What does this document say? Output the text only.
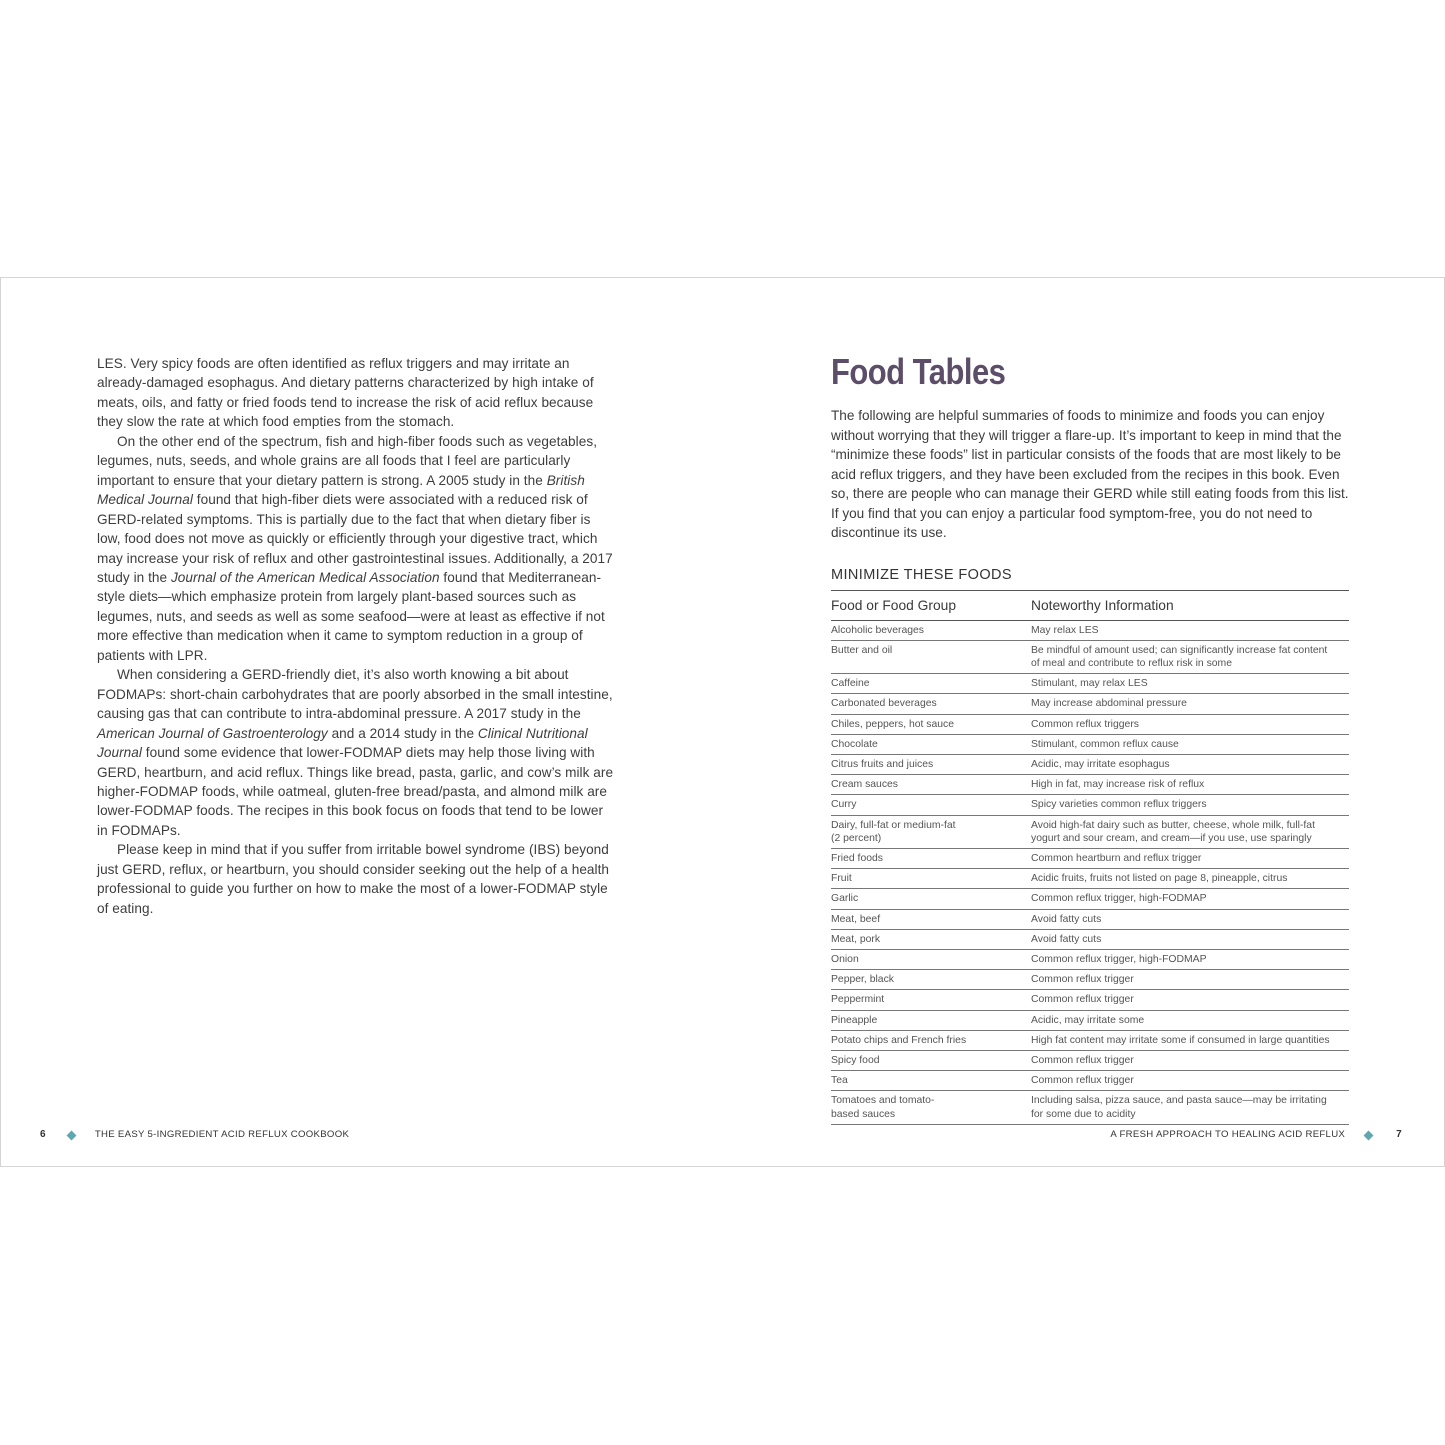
LES. Very spicy foods are often identified as reflux triggers and may irritate an already-damaged esophagus. And dietary patterns characterized by high intake of meats, oils, and fatty or fried foods tend to increase the risk of acid reflux because they slow the rate at which food empties from the stomach.

On the other end of the spectrum, fish and high-fiber foods such as vegetables, legumes, nuts, seeds, and whole grains are all foods that I feel are particularly important to ensure that your dietary pattern is strong. A 2005 study in the British Medical Journal found that high-fiber diets were associated with a reduced risk of GERD-related symptoms. This is partially due to the fact that when dietary fiber is low, food does not move as quickly or efficiently through your digestive tract, which may increase your risk of reflux and other gastrointestinal issues. Additionally, a 2017 study in the Journal of the American Medical Association found that Mediterranean-style diets—which emphasize protein from largely plant-based sources such as legumes, nuts, and seeds as well as some seafood—were at least as effective if not more effective than medication when it came to symptom reduction in a group of patients with LPR.

When considering a GERD-friendly diet, it’s also worth knowing a bit about FODMAPs: short-chain carbohydrates that are poorly absorbed in the small intestine, causing gas that can contribute to intra-abdominal pressure. A 2017 study in the American Journal of Gastroenterology and a 2014 study in the Clinical Nutritional Journal found some evidence that lower-FODMAP diets may help those living with GERD, heartburn, and acid reflux. Things like bread, pasta, garlic, and cow’s milk are higher-FODMAP foods, while oatmeal, gluten-free bread/pasta, and almond milk are lower-FODMAP foods. The recipes in this book focus on foods that tend to be lower in FODMAPs.

Please keep in mind that if you suffer from irritable bowel syndrome (IBS) beyond just GERD, reflux, or heartburn, you should consider seeking out the help of a health professional to guide you further on how to make the most of a lower-FODMAP style of eating.

6	THE EASY 5-INGREDIENT ACID REFLUX COOKBOOK
Food Tables

The following are helpful summaries of foods to minimize and foods you can enjoy without worrying that they will trigger a flare-up. It’s important to keep in mind that the “minimize these foods” list in particular consists of the foods that are most likely to be acid reflux triggers, and they have been excluded from the recipes in this book. Even so, there are people who can manage their GERD while still eating foods from this list. If you find that you can enjoy a particular food symptom-free, you do not need to discontinue its use.

MINIMIZE THESE FOODS
Food or Food Group	Noteworthy Information

Alcoholic beverages	May relax LES

Butter and oil	Be mindful of amount used; can significantly increase fat content
of meal and contribute to reflux risk in some

Caffeine	Stimulant, may relax LES

Carbonated beverages	May increase abdominal pressure

Chiles, peppers, hot sauce	Common reflux triggers

Chocolate	Stimulant, common reflux cause

Citrus fruits and juices	Acidic, may irritate esophagus

Cream sauces	High in fat, may increase risk of reflux

Curry	Spicy varieties common reflux triggers

Dairy, full-fat or medium-fat
(2 percent)	Avoid high-fat dairy such as butter, cheese, whole milk, full-fat
yogurt and sour cream, and cream—if you use, use sparingly

Fried foods	Common heartburn and reflux trigger

Fruit	Acidic fruits, fruits not listed on page 8, pineapple, citrus

Garlic	Common reflux trigger, high-FODMAP

Meat, beef	Avoid fatty cuts

Meat, pork	Avoid fatty cuts

Onion	Common reflux trigger, high-FODMAP

Pepper, black	Common reflux trigger

Peppermint	Common reflux trigger

Pineapple	Acidic, may irritate some

Potato chips and French fries	High fat content may irritate some if consumed in large quantities

Spicy food	Common reflux trigger

Tea	Common reflux trigger

Tomatoes and tomato-
based sauces	Including salsa, pizza sauce, and pasta sauce—may be irritating
for some due to acidity
A FRESH APPROACH TO HEALING ACID REFLUX	7
